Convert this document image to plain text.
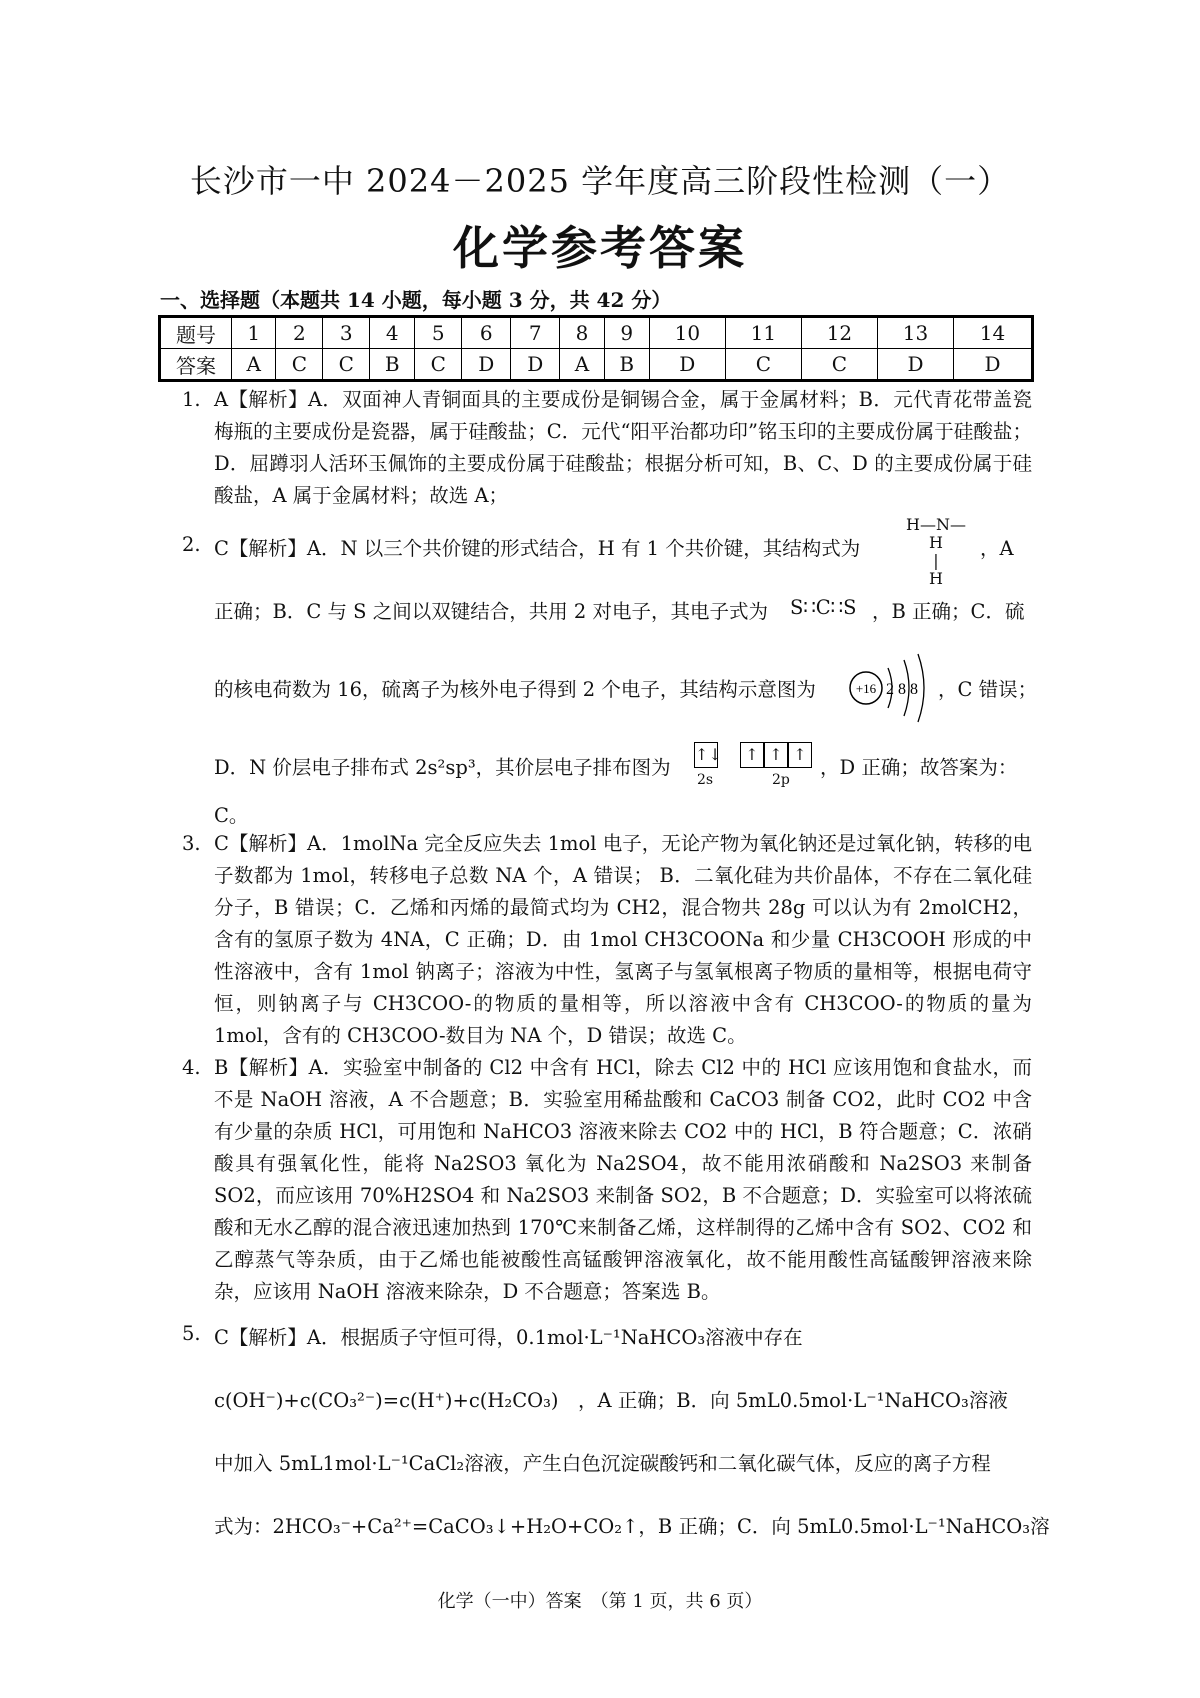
长沙市一中 2024－2025 学年度高三阶段性检测（一）
化学参考答案
一、选择题（本题共 14 小题，每小题 3 分，共 42 分）
题号	1	2	3	4	5	6	7	8	9	10	11	12	13	14
答案	A	C	C	B	C	D	D	A	B	D	C	C	D	D
1. A【解析】A．双面神人青铜面具的主要成份是铜锡合金，属于金属材料；B．元代青花带盖瓷梅瓶的主要成份是瓷器，属于硅酸盐；C．元代“阳平治都功印”铭玉印的主要成份属于硅酸盐；D．屈蹲羽人活环玉佩饰的主要成份属于硅酸盐；根据分析可知，B、C、D 的主要成份属于硅酸盐，A 属于金属材料；故选 A；
2. C【解析】A．N 以三个共价键的形式结合，H 有 1 个共价键，其结构式为
H—N—H
|
H
，A
正确；B．C 与 S 之间以双键结合，共用 2 对电子，其电子式为 S∷C∷S ，B 正确；C．硫
的核电荷数为 16，硫离子为核外电子得到 2 个电子，其结构示意图为	+16 2 8 8 ，C 错误；
D．N 价层电子排布式 2s²sp³，其价层电子排布图为
↑↓	↑ ↑ ↑
2s	2p
，D 正确；故答案为：
C。
3. C【解析】A．1molNa 完全反应失去 1mol 电子，无论产物为氧化钠还是过氧化钠，转移的电子数都为 1mol，转移电子总数 NA 个，A 错误； B．二氧化硅为共价晶体，不存在二氧化硅分子，B 错误；C．乙烯和丙烯的最简式均为 CH2，混合物共 28g 可以认为有 2molCH2，含有的氢原子数为 4NA，C 正确；D．由 1mol CH3COONa 和少量 CH3COOH 形成的中性溶液中，含有 1mol 钠离子；溶液为中性，氢离子与氢氧根离子物质的量相等，根据电荷守恒，则钠离子与 CH3COO-的物质的量相等，所以溶液中含有 CH3COO-的物质的量为 1mol，含有的 CH3COO-数目为 NA 个，D 错误；故选 C。
4. B【解析】A．实验室中制备的 Cl2 中含有 HCl，除去 Cl2 中的 HCl 应该用饱和食盐水，而不是 NaOH 溶液，A 不合题意；B．实验室用稀盐酸和 CaCO3 制备 CO2，此时 CO2 中含有少量的杂质 HCl，可用饱和 NaHCO3 溶液来除去 CO2 中的 HCl，B 符合题意；C．浓硝酸具有强氧化性，能将 Na2SO3 氧化为 Na2SO4，故不能用浓硝酸和 Na2SO3 来制备 SO2，而应该用 70%H2SO4 和 Na2SO3 来制备 SO2，B 不合题意；D．实验室可以将浓硫酸和无水乙醇的混合液迅速加热到 170℃来制备乙烯，这样制得的乙烯中含有 SO2、CO2 和乙醇蒸气等杂质，由于乙烯也能被酸性高锰酸钾溶液氧化，故不能用酸性高锰酸钾溶液来除杂，应该用 NaOH 溶液来除杂，D 不合题意；答案选 B。
5. C【解析】A．根据质子守恒可得，0.1mol·L⁻¹NaHCO₃溶液中存在
c(OH⁻)+c(CO₃²⁻)=c(H⁺)+c(H₂CO₃)　，A 正确；B．向 5mL0.5mol·L⁻¹NaHCO₃溶液
中加入 5mL1mol·L⁻¹CaCl₂溶液，产生白色沉淀碳酸钙和二氧化碳气体，反应的离子方程
式为：2HCO₃⁻+Ca²⁺=CaCO₃↓+H₂O+CO₂↑，B 正确；C．向 5mL0.5mol·L⁻¹NaHCO₃溶
化学（一中）答案　（第 1 页，共 6 页）
